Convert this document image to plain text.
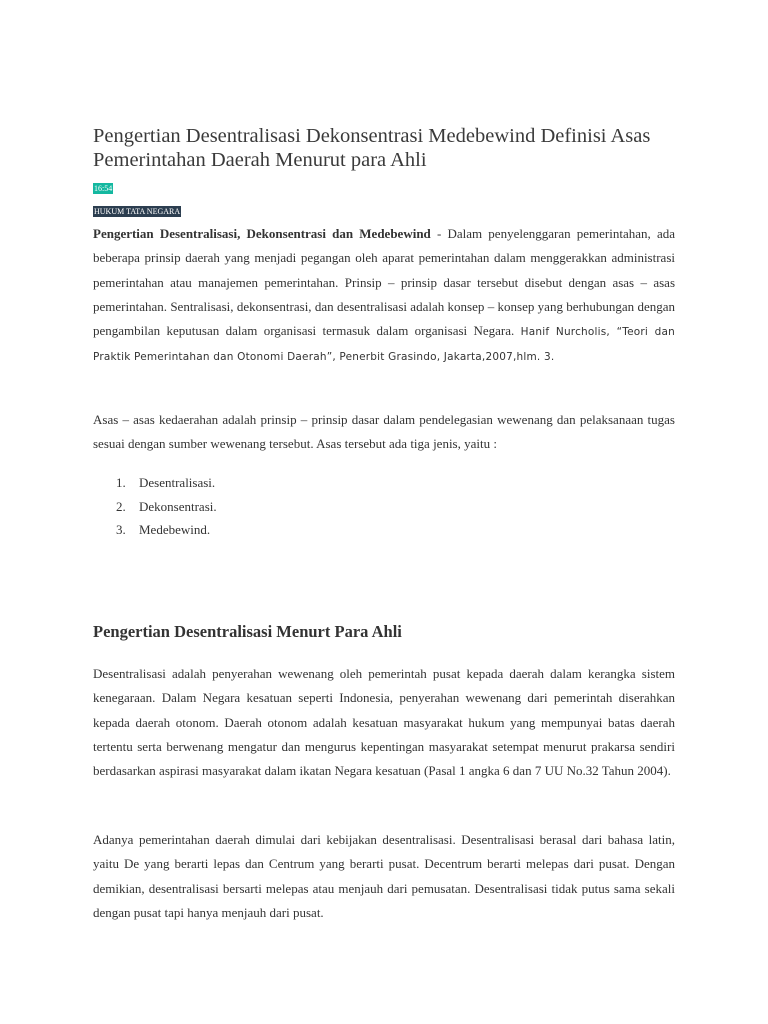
Pengertian Desentralisasi Dekonsentrasi Medebewind Definisi Asas Pemerintahan Daerah Menurut para Ahli
16:54
HUKUM TATA NEGARA

Pengertian Desentralisasi, Dekonsentrasi dan Medebewind - Dalam penyelenggaran pemerintahan, ada beberapa prinsip daerah yang menjadi pegangan oleh aparat pemerintahan dalam menggerakkan administrasi pemerintahan atau manajemen pemerintahan. Prinsip – prinsip dasar tersebut disebut dengan asas – asas pemerintahan. Sentralisasi, dekonsentrasi, dan desentralisasi adalah konsep – konsep yang berhubungan dengan pengambilan keputusan dalam organisasi termasuk dalam organisasi Negara. Hanif Nurcholis, “Teori dan Praktik Pemerintahan dan Otonomi Daerah”, Penerbit Grasindo, Jakarta,2007,hlm. 3.

Asas – asas kedaerahan adalah prinsip – prinsip dasar dalam pendelegasian wewenang dan pelaksanaan tugas sesuai dengan sumber wewenang tersebut. Asas tersebut ada tiga jenis, yaitu :

1. Desentralisasi.
2. Dekonsentrasi.
3. Medebewind.
Pengertian Desentralisasi Menurt Para Ahli

Desentralisasi adalah penyerahan wewenang oleh pemerintah pusat kepada daerah dalam kerangka sistem kenegaraan. Dalam Negara kesatuan seperti Indonesia, penyerahan wewenang dari pemerintah diserahkan kepada daerah otonom. Daerah otonom adalah kesatuan masyarakat hukum yang mempunyai batas daerah tertentu serta berwenang mengatur dan mengurus kepentingan masyarakat setempat menurut prakarsa sendiri berdasarkan aspirasi masyarakat dalam ikatan Negara kesatuan (Pasal 1 angka 6 dan 7 UU No.32 Tahun 2004).

Adanya pemerintahan daerah dimulai dari kebijakan desentralisasi. Desentralisasi berasal dari bahasa latin, yaitu De yang berarti lepas dan Centrum yang berarti pusat. Decentrum berarti melepas dari pusat. Dengan demikian, desentralisasi bersarti melepas atau menjauh dari pemusatan. Desentralisasi tidak putus sama sekali dengan pusat tapi hanya menjauh dari pusat.
